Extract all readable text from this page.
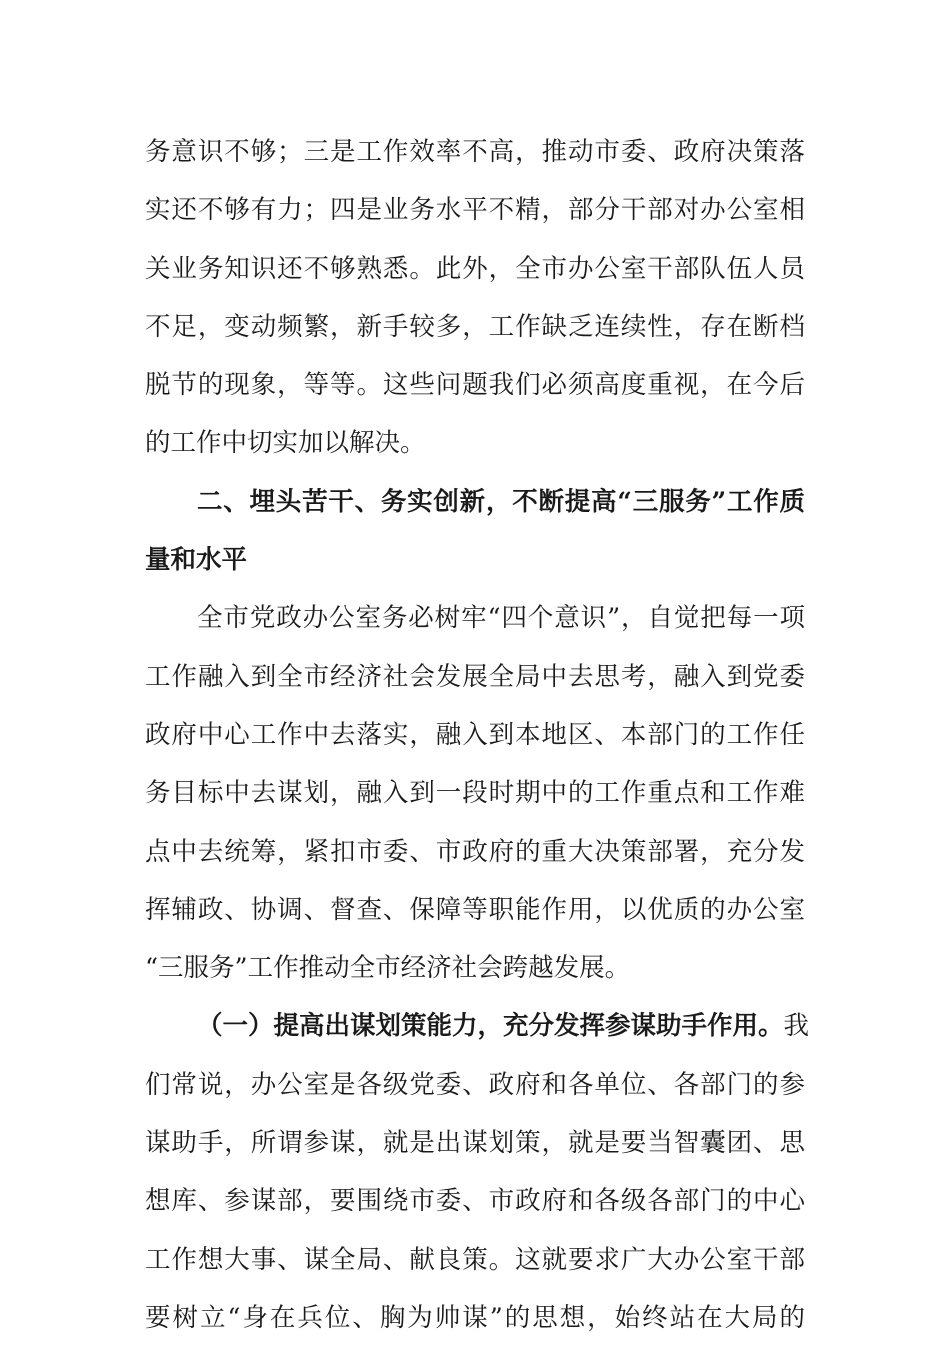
务意识不够；三是工作效率不高，推动市委、政府决策落
实还不够有力；四是业务水平不精，部分干部对办公室相
关业务知识还不够熟悉。此外，全市办公室干部队伍人员
不足，变动频繁，新手较多，工作缺乏连续性，存在断档
脱节的现象，等等。这些问题我们必须高度重视，在今后
的工作中切实加以解决。
二、埋头苦干、务实创新，不断提高“三服务”工作质
量和水平
全市党政办公室务必树牢“四个意识”，自觉把每一项
工作融入到全市经济社会发展全局中去思考，融入到党委
政府中心工作中去落实，融入到本地区、本部门的工作任
务目标中去谋划，融入到一段时期中的工作重点和工作难
点中去统筹，紧扣市委、市政府的重大决策部署，充分发
挥辅政、协调、督查、保障等职能作用，以优质的办公室
“三服务”工作推动全市经济社会跨越发展。
（一）提高出谋划策能力，充分发挥参谋助手作用。我
们常说，办公室是各级党委、政府和各单位、各部门的参
谋助手，所谓参谋，就是出谋划策，就是要当智囊团、思
想库、参谋部，要围绕市委、市政府和各级各部门的中心
工作想大事、谋全局、献良策。这就要求广大办公室干部
要树立“身在兵位、胸为帅谋”的思想，始终站在大局的
